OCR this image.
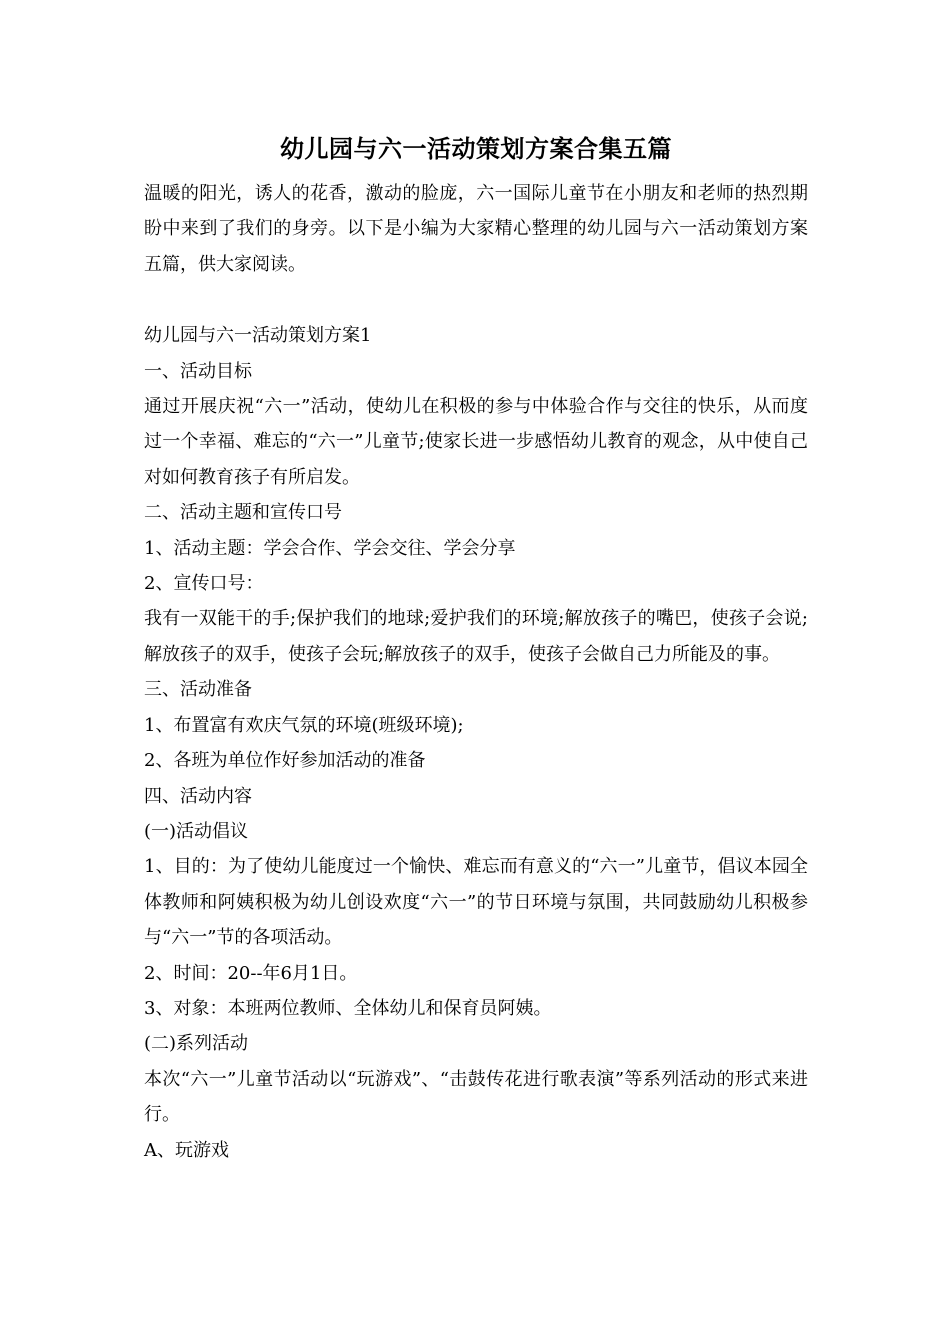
幼儿园与六一活动策划方案合集五篇

温暖的阳光，诱人的花香，激动的脸庞，六一国际儿童节在小朋友和老师的热烈期盼中来到了我们的身旁。以下是小编为大家精心整理的幼儿园与六一活动策划方案五篇，供大家阅读。

幼儿园与六一活动策划方案1

一、活动目标

通过开展庆祝“六一”活动，使幼儿在积极的参与中体验合作与交往的快乐，从而度过一个幸福、难忘的“六一”儿童节;使家长进一步感悟幼儿教育的观念，从中使自己对如何教育孩子有所启发。

二、活动主题和宣传口号

1、活动主题：学会合作、学会交往、学会分享

2、宣传口号：

我有一双能干的手;保护我们的地球;爱护我们的环境;解放孩子的嘴巴，使孩子会说;解放孩子的双手，使孩子会玩;解放孩子的双手，使孩子会做自己力所能及的事。

三、活动准备

1、布置富有欢庆气氛的环境(班级环境);

2、各班为单位作好参加活动的准备

四、活动内容

(一)活动倡议

1、目的：为了使幼儿能度过一个愉快、难忘而有意义的“六一”儿童节，倡议本园全体教师和阿姨积极为幼儿创设欢度“六一”的节日环境与氛围，共同鼓励幼儿积极参与“六一”节的各项活动。

2、时间：20--年6月1日。

3、对象：本班两位教师、全体幼儿和保育员阿姨。

(二)系列活动

本次“六一”儿童节活动以“玩游戏”、“击鼓传花进行歌表演”等系列活动的形式来进行。

A、玩游戏
